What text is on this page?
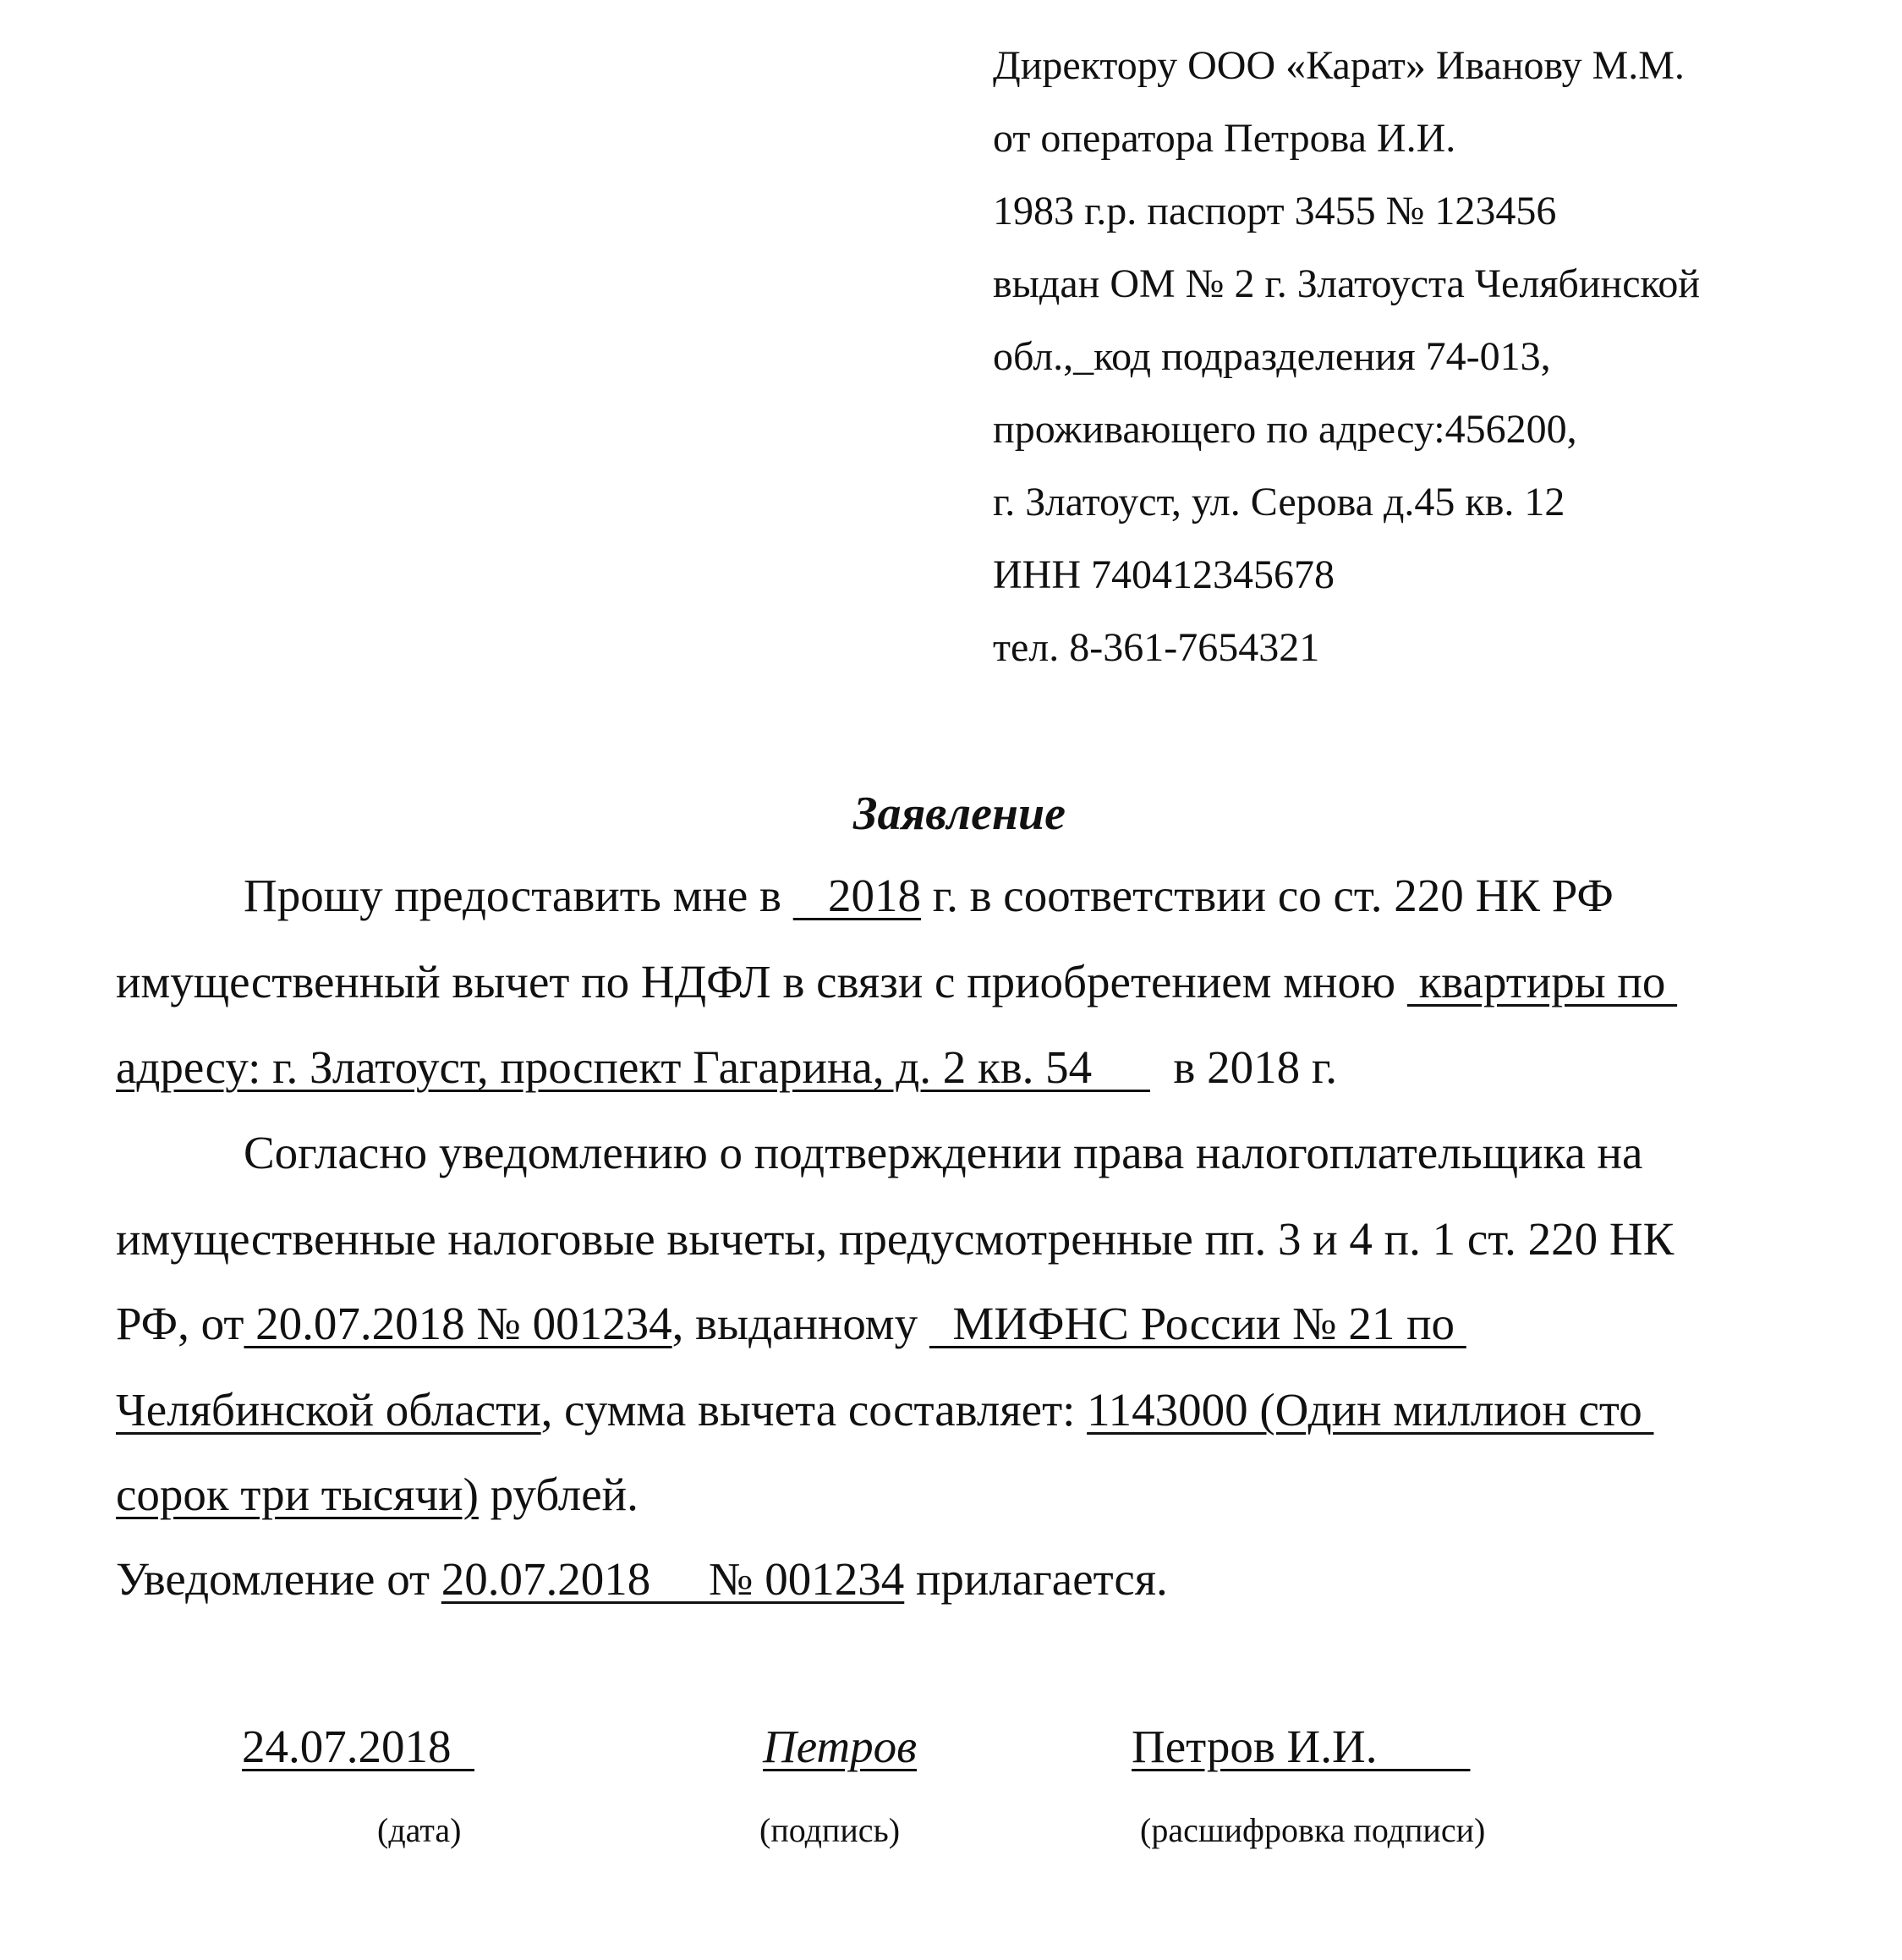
Директору ООО «Карат» Иванову М.М.
от оператора Петрова И.И.
1983 г.р. паспорт 3455 № 123456
выдан ОМ № 2 г. Златоуста Челябинской
обл.,_код подразделения 74-013,
проживающего по адресу:456200,
г. Златоуст, ул. Серова д.45 кв. 12
ИНН 740412345678
тел. 8-361-7654321
Заявление
Прошу предоставить мне в    2018 г. в соответствии со ст. 220 НК РФ
имущественный вычет по НДФЛ в связи с приобретением мною  квартиры по
адресу: г. Златоуст, проспект Гагарина, д. 2 кв. 54       в 2018 г.
Согласно уведомлению о подтверждении права налогоплательщика на
имущественные налоговые вычеты, предусмотренные пп. 3 и 4 п. 1 ст. 220 НК
РФ, от 20.07.2018 № 001234, выданному   МИФНС России № 21 по
Челябинской области, сумма вычета составляет: 1143000 (Один миллион сто
сорок три тысячи) рублей.
Уведомление от 20.07.2018     № 001234 прилагается.
24.07.2018
(дата)
Петров
(подпись)
Петров И.И.
(расшифровка подписи)
